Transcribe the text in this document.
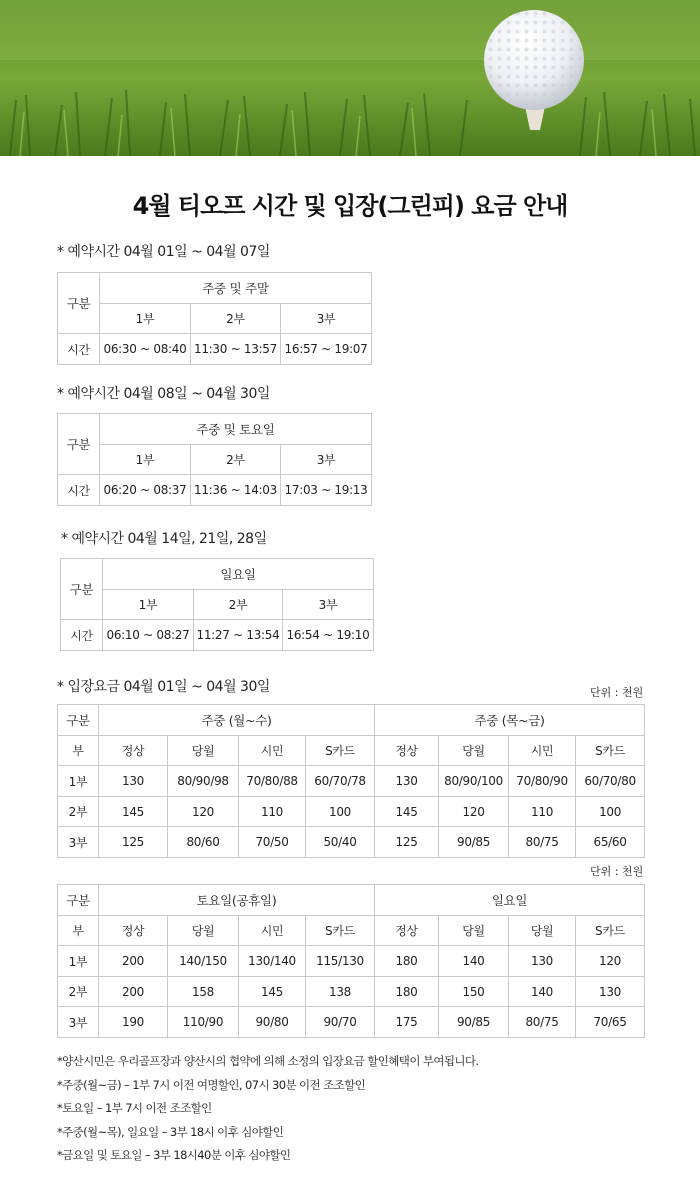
4월 티오프 시간 및 입장(그린피) 요금 안내
* 예약시간 04월 01일 ~ 04월 07일
구분	주중 및 주말		
	1부	2부	3부
시간	06:30 ~ 08:40	11:30 ~ 13:57	16:57 ~ 19:07
* 예약시간 04월 08일 ~ 04월 30일
구분	주중 및 토요일		
	1부	2부	3부
시간	06:20 ~ 08:37	11:36 ~ 14:03	17:03 ~ 19:13
* 예약시간 04월 14일, 21일, 28일
구분	일요일		
	1부	2부	3부
시간	06:10 ~ 08:27	11:27 ~ 13:54	16:54 ~ 19:10
* 입장요금 04월 01일 ~ 04월 30일	단위 : 천원
구분	주중 (월~수)				주중 (목~금)			
부	정상	당월	시민	S카드	정상	당월	시민	S카드
1부	130	80/90/98	70/80/88	60/70/78	130	80/90/100	70/80/90	60/70/80
2부	145	120	110	100	145	120	110	100
3부	125	80/60	70/50	50/40	125	90/85	80/75	65/60
단위 : 천원
구분	토요일(공휴일)				일요일			
부	정상	당월	시민	S카드	정상	당월	당월	S카드
1부	200	140/150	130/140	115/130	180	140	130	120
2부	200	158	145	138	180	150	140	130
3부	190	110/90	90/80	90/70	175	90/85	80/75	70/65
*양산시민은 우리골프장과 양산시의 협약에 의해 소정의 입장요금 할인혜택이 부여됩니다.
*주중(월~금) – 1부 7시 이전 여명할인, 07시 30분 이전 조조할인
*토요일 – 1부 7시 이전 조조할인
*주중(월~목), 일요일 – 3부 18시 이후 심야할인
*금요일 및 토요일 – 3부 18시40분 이후 심야할인
